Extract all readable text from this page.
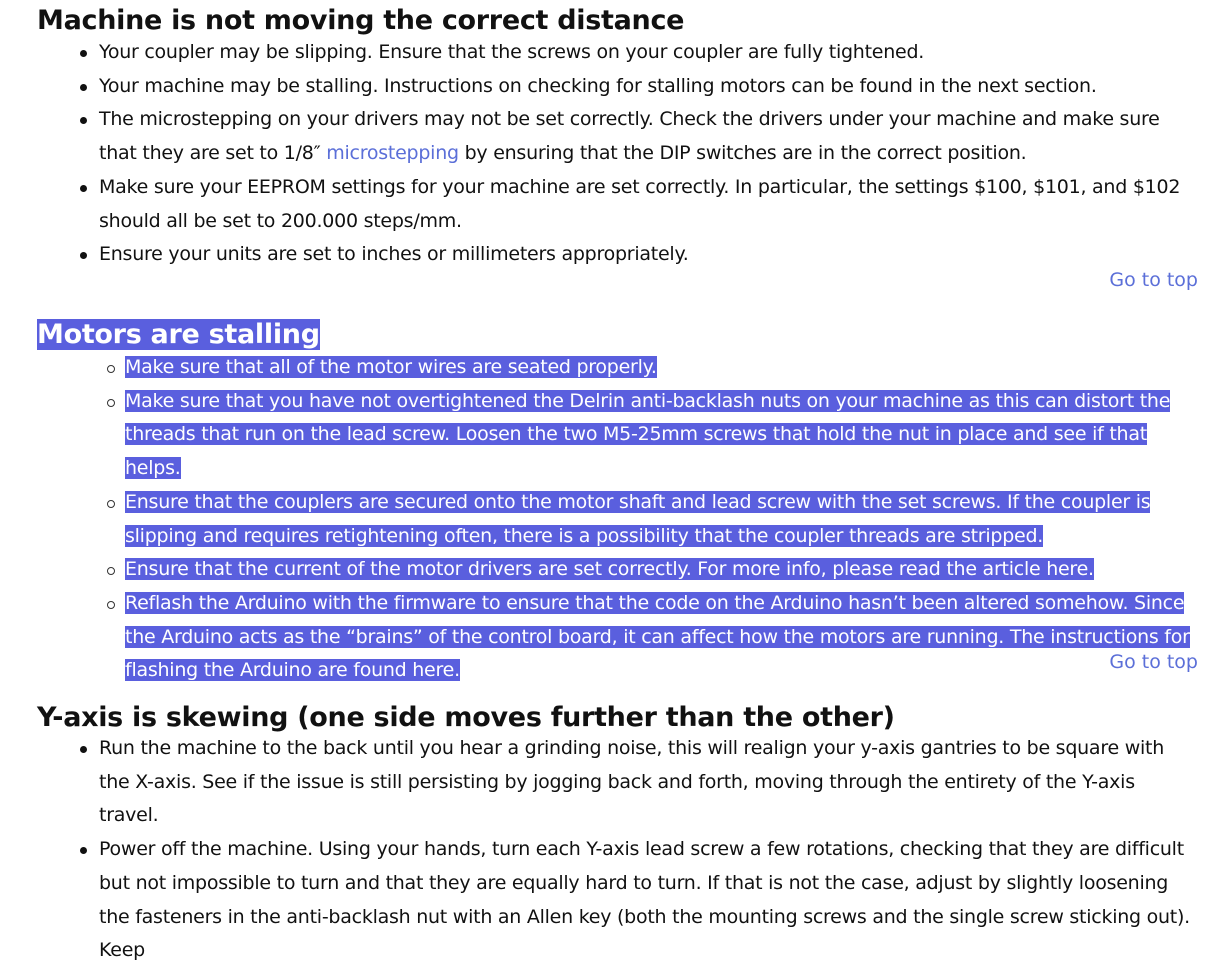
Machine is not moving the correct distance
Your coupler may be slipping. Ensure that the screws on your coupler are fully tightened.
Your machine may be stalling. Instructions on checking for stalling motors can be found in the next section.
The microstepping on your drivers may not be set correctly. Check the drivers under your machine and make sure that they are set to 1/8″ microstepping by ensuring that the DIP switches are in the correct position.
Make sure your EEPROM settings for your machine are set correctly. In particular, the settings $100, $101, and $102 should all be set to 200.000 steps/mm.
Ensure your units are set to inches or millimeters appropriately.
Go to top
Motors are stalling
Make sure that all of the motor wires are seated properly.
Make sure that you have not overtightened the Delrin anti-backlash nuts on your machine as this can distort the threads that run on the lead screw. Loosen the two M5-25mm screws that hold the nut in place and see if that helps.
Ensure that the couplers are secured onto the motor shaft and lead screw with the set screws. If the coupler is slipping and requires retightening often, there is a possibility that the coupler threads are stripped.
Ensure that the current of the motor drivers are set correctly. For more info, please read the article here.
Reflash the Arduino with the firmware to ensure that the code on the Arduino hasn’t been altered somehow. Since the Arduino acts as the “brains” of the control board, it can affect how the motors are running. The instructions for flashing the Arduino are found here.	Go to top
Y-axis is skewing (one side moves further than the other)
Run the machine to the back until you hear a grinding noise, this will realign your y-axis gantries to be square with the X-axis. See if the issue is still persisting by jogging back and forth, moving through the entirety of the Y-axis travel.
Power off the machine. Using your hands, turn each Y-axis lead screw a few rotations, checking that they are difficult but not impossible to turn and that they are equally hard to turn. If that is not the case, adjust by slightly loosening the fasteners in the anti-backlash nut with an Allen key (both the mounting screws and the single screw sticking out). Keep
